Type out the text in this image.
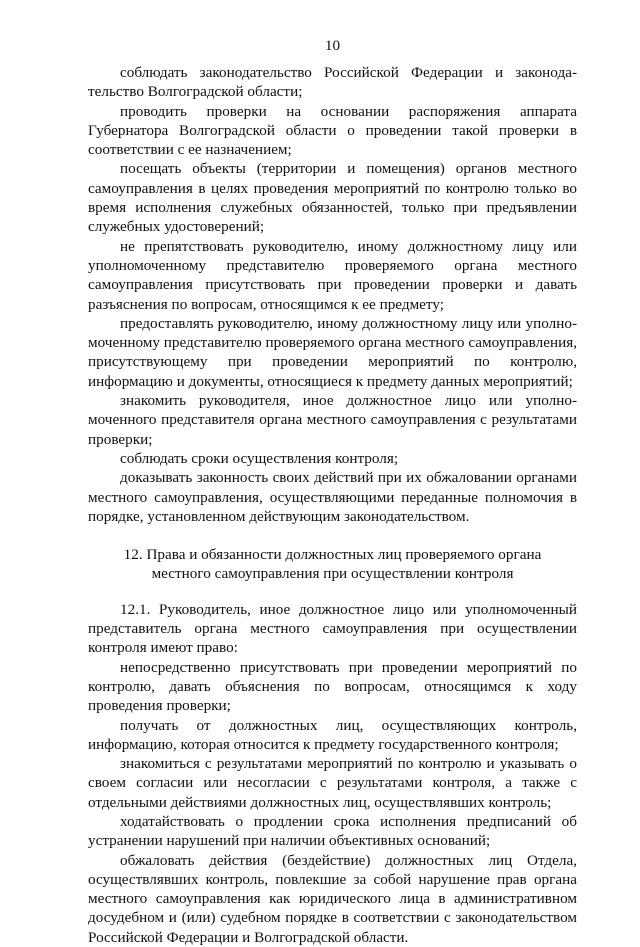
10

соблюдать законодательство Российской Федерации и законодательство Волгоградской области;

проводить проверки на основании распоряжения аппарата Губернатора Волгоградской области о проведении такой проверки в соответствии с ее назначением;

посещать объекты (территории и помещения) органов местного самоуправления в целях проведения мероприятий по контролю только во время исполнения служебных обязанностей, только при предъявлении служебных удостоверений;

не препятствовать руководителю, иному должностному лицу или уполномоченному представителю проверяемого органа местного самоуправления присутствовать при проведении проверки и давать разъяснения по вопросам, относящимся к ее предмету;

предоставлять руководителю, иному должностному лицу или уполномоченному представителю проверяемого органа местного самоуправления, присутствующему при проведении мероприятий по контролю, информацию и документы, относящиеся к предмету данных мероприятий;

знакомить руководителя, иное должностное лицо или уполномоченного представителя органа местного самоуправления с результатами проверки;

соблюдать сроки осуществления контроля;

доказывать законность своих действий при их обжаловании органами местного самоуправления, осуществляющими переданные полномочия в порядке, установленном действующим законодательством.

12. Права и обязанности должностных лиц проверяемого органа
местного самоуправления при осуществлении контроля

12.1. Руководитель, иное должностное лицо или уполномоченный представитель органа местного самоуправления при осуществлении контроля имеют право:

непосредственно присутствовать при проведении мероприятий по контролю, давать объяснения по вопросам, относящимся к ходу проведения проверки;

получать от должностных лиц, осуществляющих контроль, информацию, которая относится к предмету государственного контроля;

знакомиться с результатами мероприятий по контролю и указывать о своем согласии или несогласии с результатами контроля, а также с отдельными действиями должностных лиц, осуществлявших контроль;

ходатайствовать о продлении срока исполнения предписаний об устранении нарушений при наличии объективных оснований;

обжаловать действия (бездействие) должностных лиц Отдела, осуществлявших контроль, повлекшие за собой нарушение прав органа местного самоуправления как юридического лица в административном досудебном и (или) судебном порядке в соответствии с законодательством Российской Федерации и Волгоградской области.
